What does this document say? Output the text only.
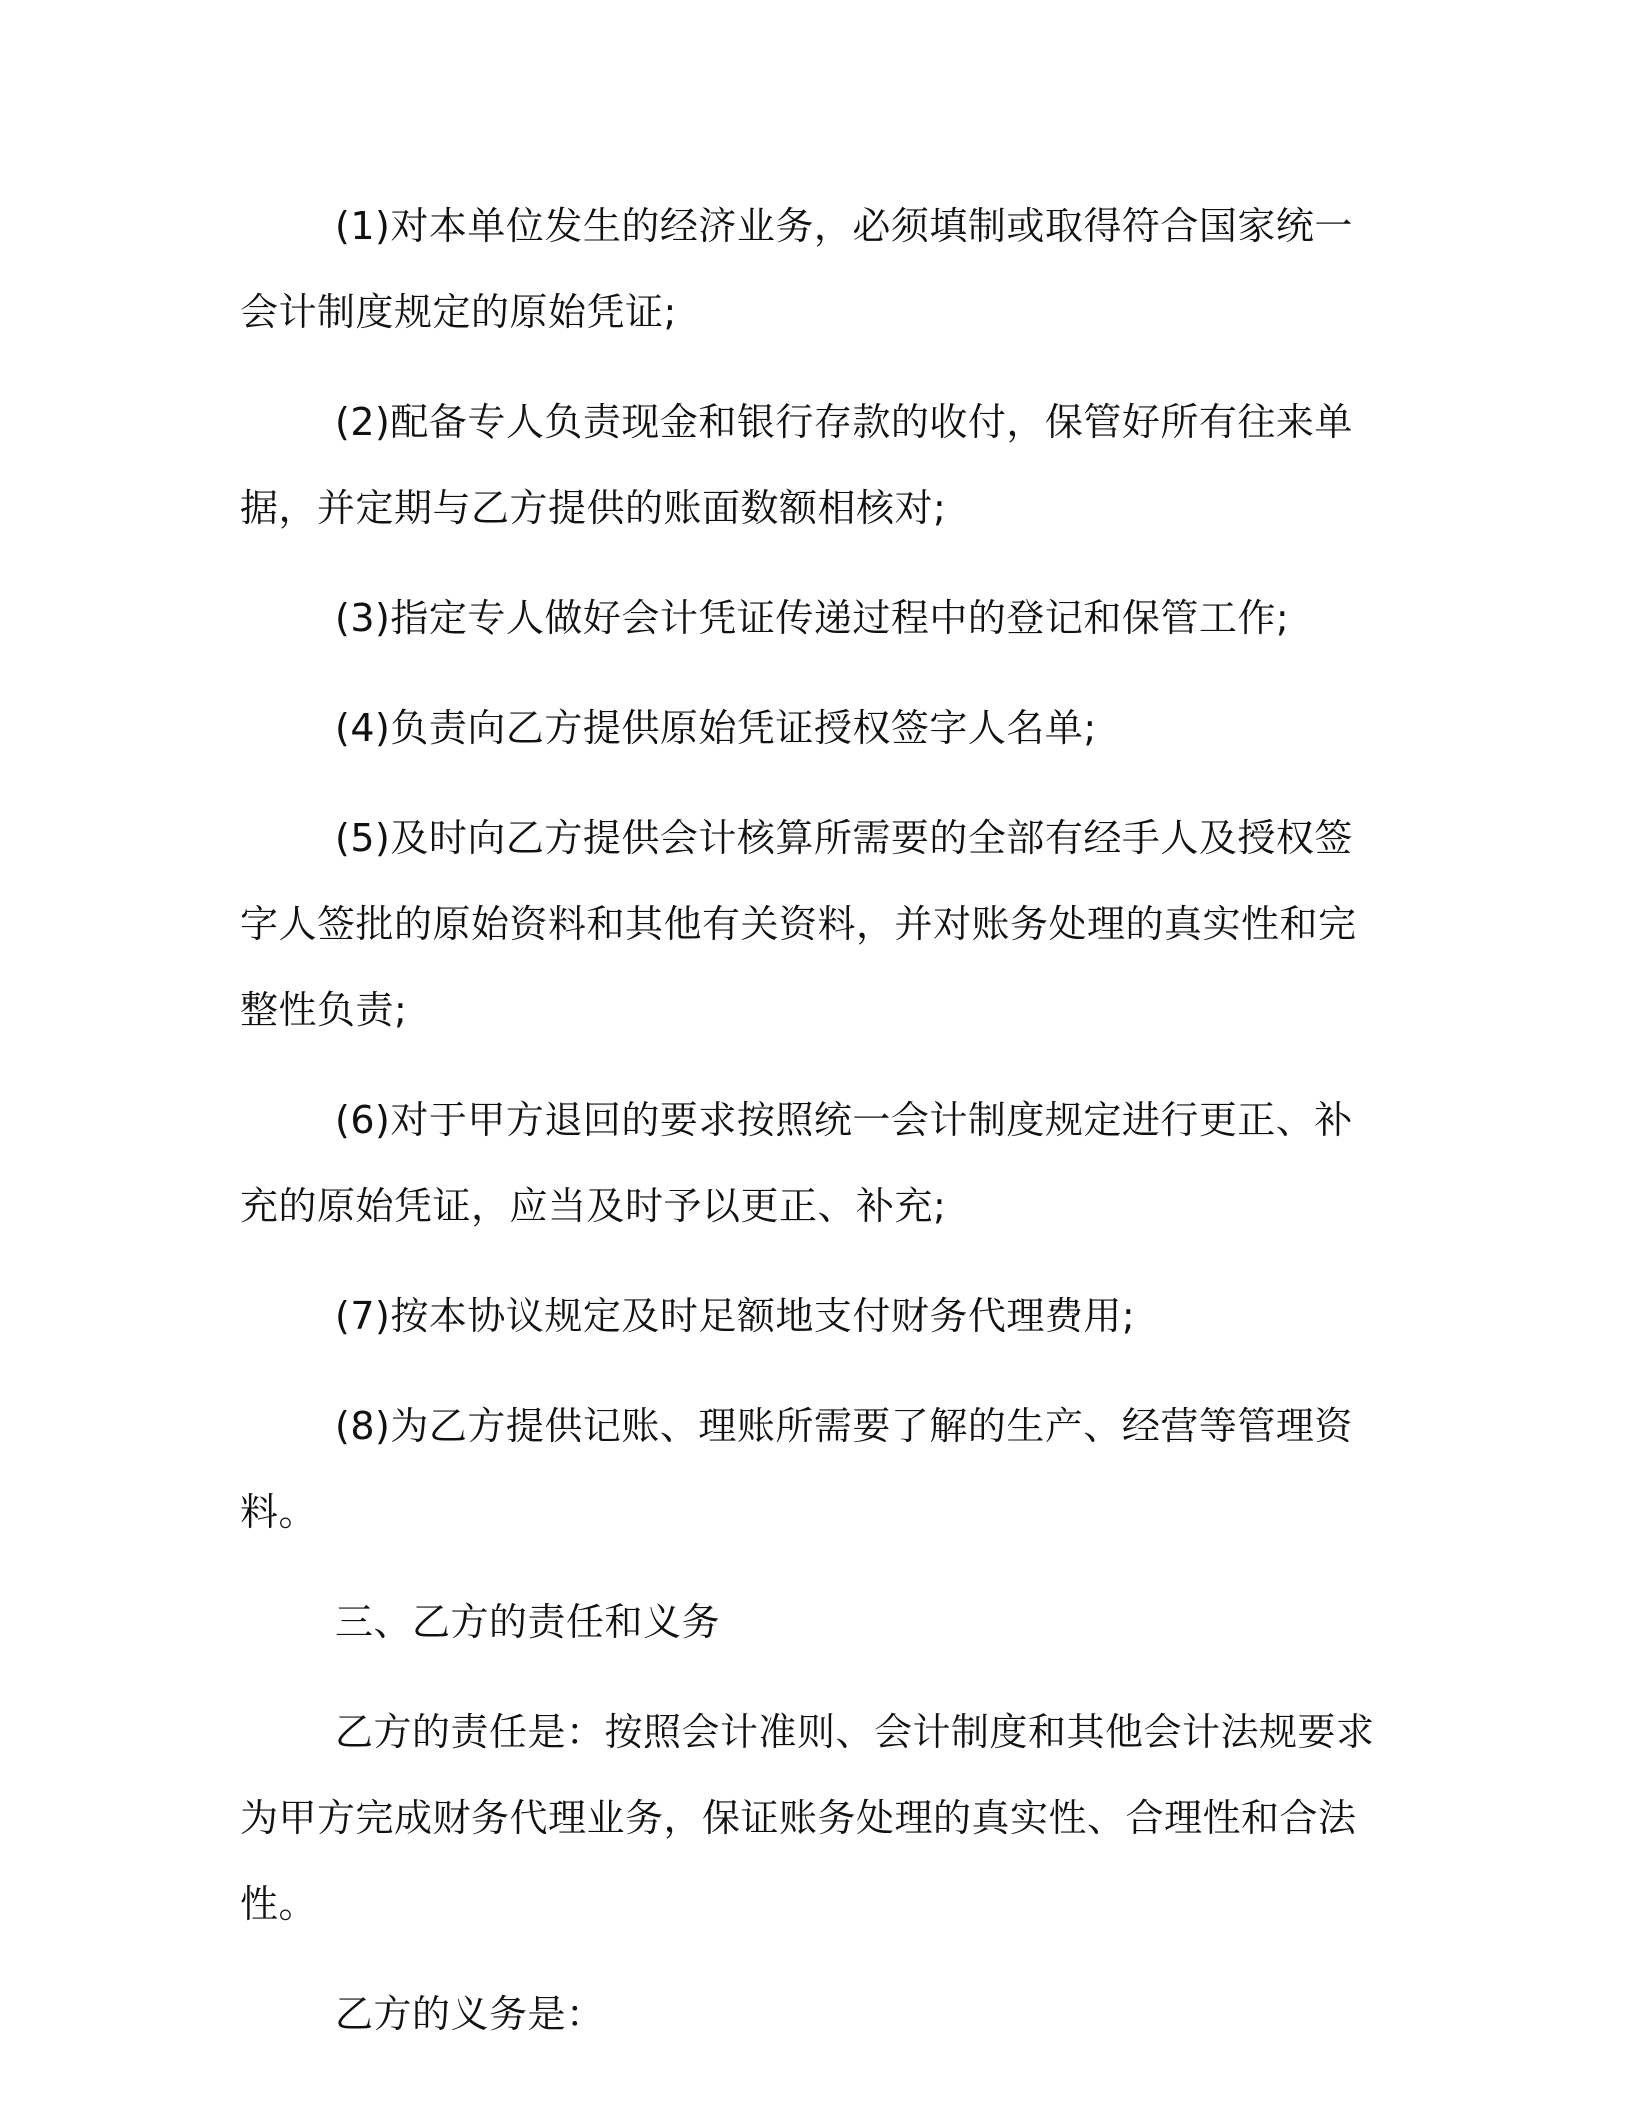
(1)对本单位发生的经济业务，必须填制或取得符合国家统一会计制度规定的原始凭证;

(2)配备专人负责现金和银行存款的收付，保管好所有往来单据，并定期与乙方提供的账面数额相核对;

(3)指定专人做好会计凭证传递过程中的登记和保管工作;

(4)负责向乙方提供原始凭证授权签字人名单;

(5)及时向乙方提供会计核算所需要的全部有经手人及授权签字人签批的原始资料和其他有关资料，并对账务处理的真实性和完整性负责;

(6)对于甲方退回的要求按照统一会计制度规定进行更正、补充的原始凭证，应当及时予以更正、补充;

(7)按本协议规定及时足额地支付财务代理费用;

(8)为乙方提供记账、理账所需要了解的生产、经营等管理资料。

三、乙方的责任和义务

乙方的责任是：按照会计准则、会计制度和其他会计法规要求为甲方完成财务代理业务，保证账务处理的真实性、合理性和合法性。

乙方的义务是：
